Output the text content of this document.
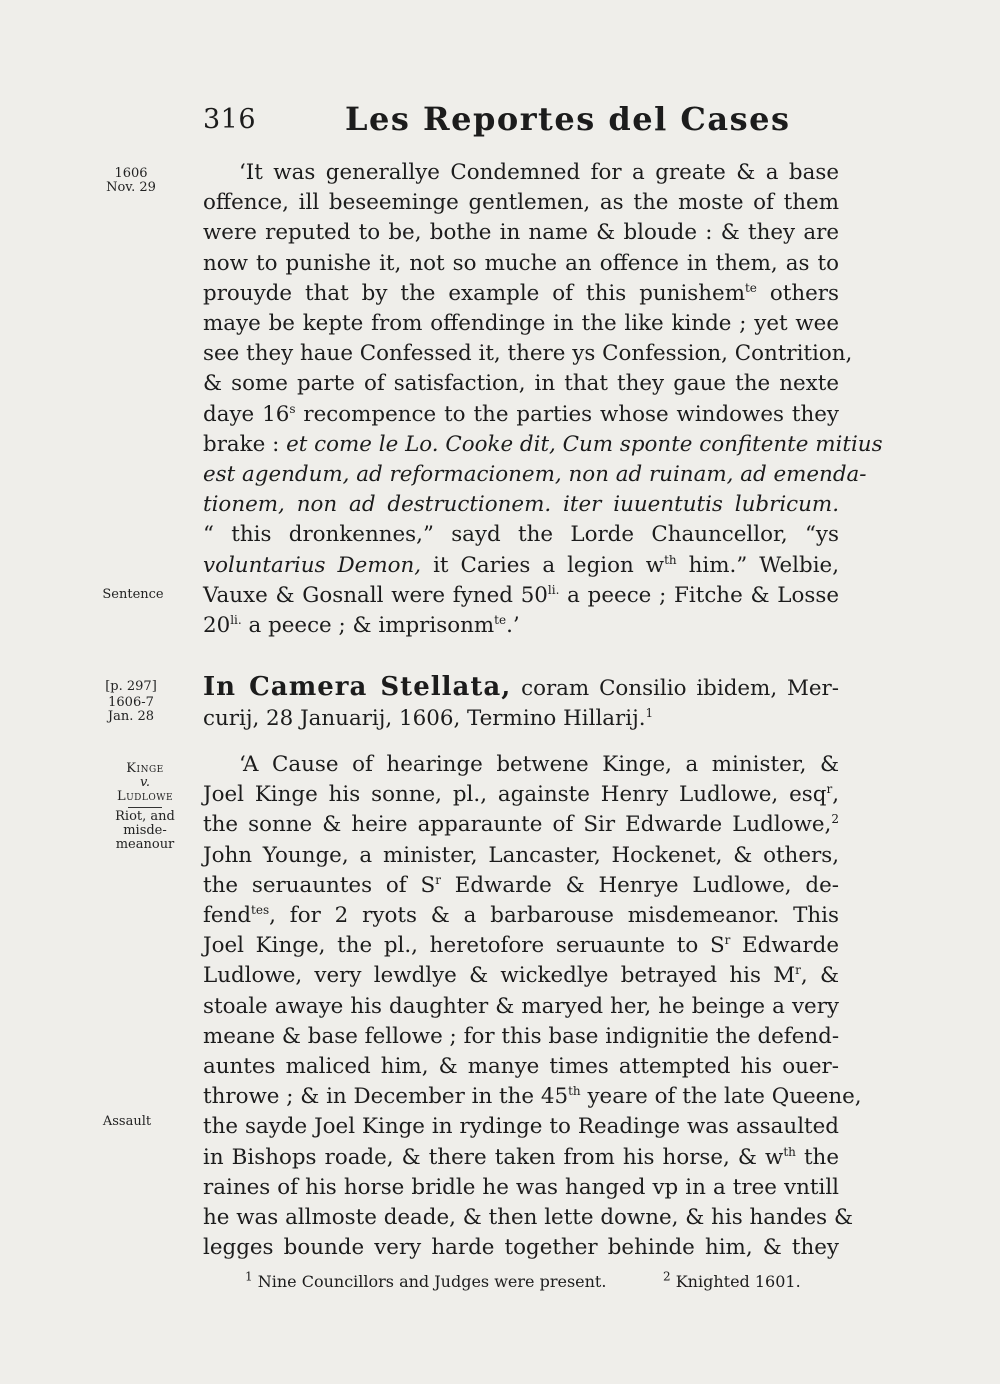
316	Les Reportes del Cases
1606
Nov. 29
Sentence
[p. 297]
1606-7
Jan. 28
Kinge
v.
Ludlowe
Riot, and
misde-
meanour
Assault
‘It was generallye Condemned for a greate & a base
offence, ill beseeminge gentlemen, as the moste of them
were reputed to be, bothe in name & bloude : & they are
now to punishe it, not so muche an offence in them, as to
prouyde that by the example of this punishem$^{te}$ others
maye be kepte from offendinge in the like kinde ; yet wee
see they haue Confessed it, there ys Confession, Contrition,
& some parte of satisfaction, in that they gaue the nexte
daye 16$^s$ recompence to the parties whose windowes they
brake : et come le Lo. Cooke dit, Cum sponte confitente mitius
est agendum, ad reformacionem, non ad ruinam, ad emenda-
tionem, non ad destructionem. iter iuuentutis lubricum.
“ this dronkennes,” sayd the Lorde Chauncellor, “ys
voluntarius Demon, it Caries a legion $w^{th}$ him.” Welbie,
Vauxe & Gosnall were fyned $50^{li.}$ a peece ; Fitche & Losse
$20^{li.}$ a peece ; & imprisonm$^{te}$.’
In Camera Stellata, coram Consilio ibidem, Mer-
curij, 28 Januarij, 1606, Termino Hillarij.$^1$
‘A Cause of hearinge betwene Kinge, a minister, &
Joel Kinge his sonne, pl., againste Henry Ludlowe, esq$^r$,
the sonne & heire apparaunte of Sir Edwarde Ludlowe,$^2$
John Younge, a minister, Lancaster, Hockenet, & others,
the seruauntes of $S^r$ Edwarde & Henrye Ludlowe, de-
fend$^{tes}$, for 2 ryots & a barbarouse misdemeanor. This
Joel Kinge, the pl., heretofore seruaunte to $S^r$ Edwarde
Ludlowe, very lewdlye & wickedlye betrayed his $M^r$, &
stoale awaye his daughter & maryed her, he beinge a very
meane & base fellowe ; for this base indignitie the defend-
auntes maliced him, & manye times attempted his ouer-
throwe ; & in December in the 45th yeare of the late Queene,
the sayde Joel Kinge in rydinge to Readinge was assaulted
in Bishops roade, & there taken from his horse, & $w^{th}$ the
raines of his horse bridle he was hanged vp in a tree vntill
he was allmoste deade, & then lette downe, & his handes &
legges bounde very harde together behinde him, & they
$^1$ Nine Councillors and Judges were present.	$^2$ Knighted 1601.
